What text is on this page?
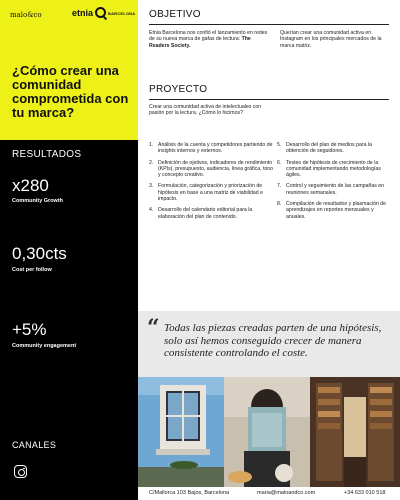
malo&co	etnia	BARCELONA
¿Cómo crear una comunidad comprometida con tu marca?
RESULTADOS
x280
Community Growth
0,30cts
Cost per follow
+5%
Community engagement
CANALES
OBJETIVO
Etnia Barcelona nos confió el lanzamiento en redes de su nueva marca de gafas de lectura: The Readers Society.
Querían crear una comunidad activa en Instagram en los principales mercados de la marca matriz.
PROYECTO
Crear una comunidad activa de intelectuales con pasión por la lectura. ¿Cómo lo hicimos?
1. Análisis de la cuenta y competidores partiendo de insights internos y externos.
2. Definición de ojetivos, indicadores de rendimiento (KPIs), presupuesto, audiencia, línea gráfica, tono y concepto creativo.
3. Formulación, categorización y priorización de hipótesis en base a una matriz de viabilidad e impacto.
4. Desarrollo del calendario editorial para la elaboración del plan de contenido.
5. Desarrollo del plan de medios para la obtención de seguidores.
6. Testeo de hipótesis de crecimiento de la comunidad implementando metodologías ágiles.
7. Control y seguimiento de las campañas en reuniones semanales.
8. Compilación de resultados y plasmación de aprendizajes en reportes mensuales y anuales.
“ Todas las piezas creadas parten de una hipótesis, solo así hemos conseguido crecer de manera consistente controlando el coste.
C/Mallorca 103 Bajos, Barcelona	maria@maloandco.com	+34 633 010 518
